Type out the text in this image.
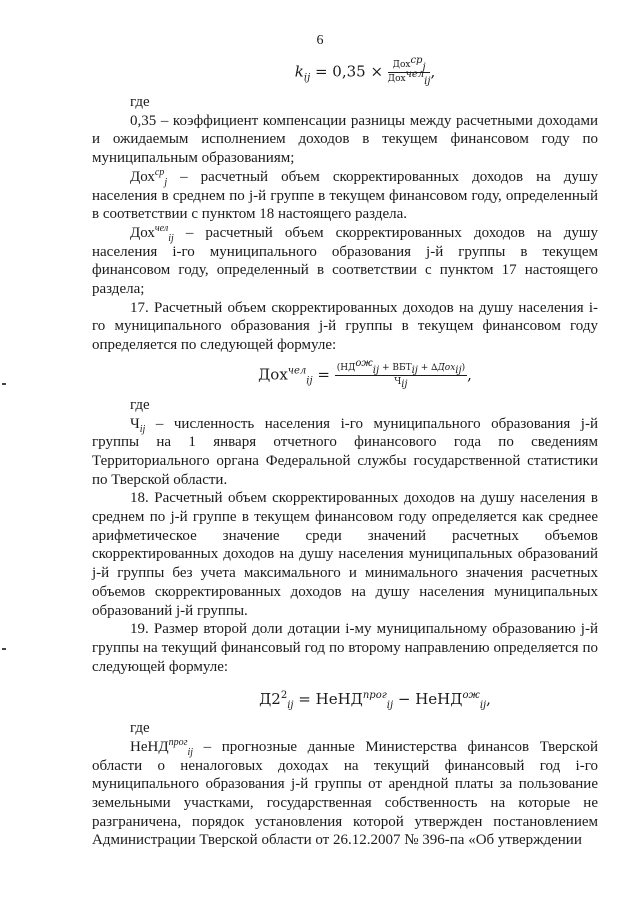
6
$k_{ij} = 0,35 \times \frac{Дох^{ср}_j}{Дох^{чел}_{ij}}$ ,

где

0,35 – коэффициент компенсации разницы между расчетными доходами и ожидаемым исполнением доходов в текущем финансовом году по муниципальным образованиям;

Дох$^{ср}_j$ – расчетный объем скорректированных доходов на душу населения в среднем по j-й группе в текущем финансовом году, определенный в соответствии с пунктом 18 настоящего раздела.

Дох$^{чел}_{ij}$ – расчетный объем скорректированных доходов на душу населения i-го муниципального образования j-й группы в текущем финансовом году, определенный в соответствии с пунктом 17 настоящего раздела;

17. Расчетный объем скорректированных доходов на душу населения i-го муниципального образования j-й группы в текущем финансовом году определяется по следующей формуле:

$Дох^{чел}_{ij} = \frac{(НД^{ож}_{ij} + ВБТ_{ij} + \Delta Дох_{ij})}{Ч_{ij}}$ ,

где

$Ч_{ij}$ – численность населения i-го муниципального образования j-й группы на 1 января отчетного финансового года по сведениям Территориального органа Федеральной службы государственной статистики по Тверской области.

18. Расчетный объем скорректированных доходов на душу населения в среднем по j-й группе в текущем финансовом году определяется как среднее арифметическое значение среди значений расчетных объемов скорректированных доходов на душу населения муниципальных образований j-й группы без учета максимального и минимального значения расчетных объемов скорректированных доходов на душу населения муниципальных образований j-й группы.

19. Размер второй доли дотации i-му муниципальному образованию j-й группы на текущий финансовый год по второму направлению определяется по следующей формуле:

$Д2^2_{ij}$ = НеНД$^{прог}_{ij}$ − НеНД$^{ож}_{ij}$,

где

НеНД$^{прог}_{ij}$ – прогнозные данные Министерства финансов Тверской области о неналоговых доходах на текущий финансовый год i-го муниципального образования j-й группы от арендной платы за пользование земельными участками, государственная собственность на которые не разграничена, порядок установления которой утвержден постановлением Администрации Тверской области от 26.12.2007 № 396-па «Об утверждении
